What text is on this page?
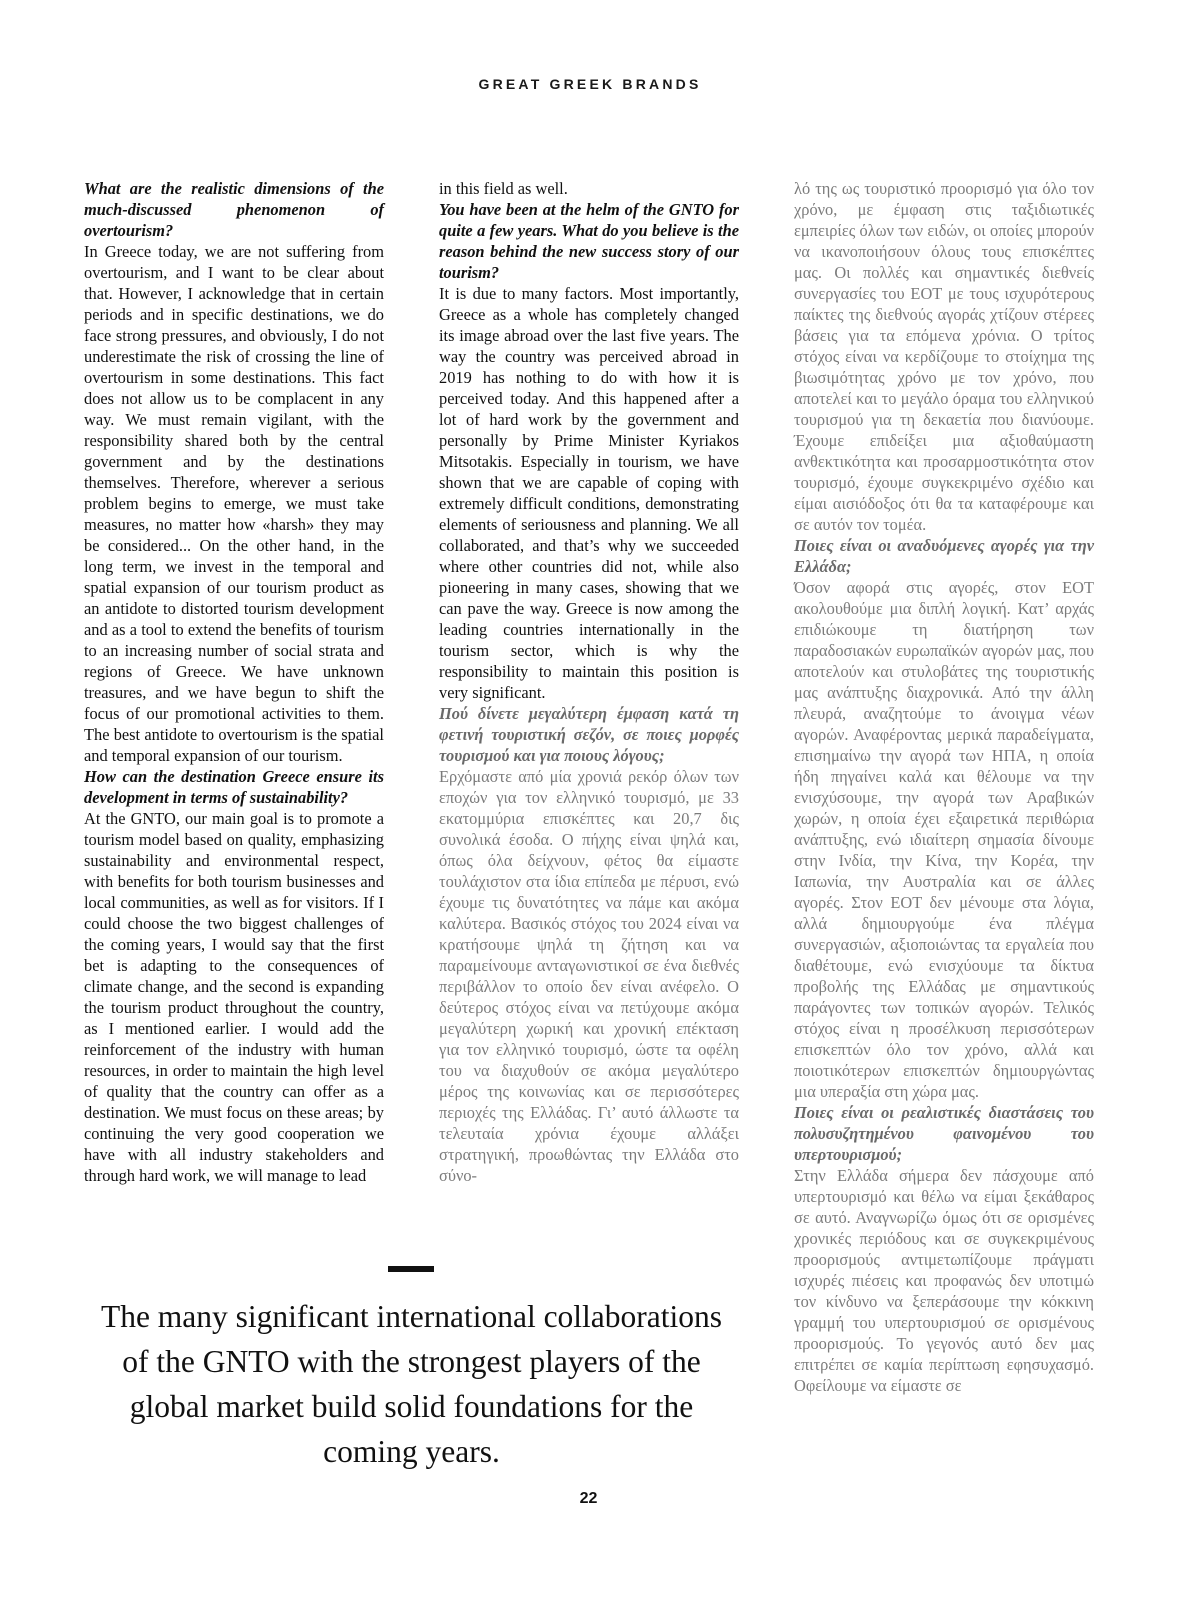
GREAT GREEK BRANDS

What are the realistic dimensions of the much-discussed phenomenon of overtourism?

In Greece today, we are not suffering from overtourism, and I want to be clear about that. However, I acknowledge that in certain periods and in specific destinations, we do face strong pressures, and obviously, I do not underestimate the risk of crossing the line of overtourism in some destinations. This fact does not allow us to be complacent in any way. We must remain vigilant, with the responsibility shared both by the central government and by the destinations themselves. Therefore, wherever a serious problem begins to emerge, we must take measures, no matter how «harsh» they may be considered... On the other hand, in the long term, we invest in the temporal and spatial expansion of our tourism product as an antidote to distorted tourism development and as a tool to extend the benefits of tourism to an increasing number of social strata and regions of Greece. We have unknown treasures, and we have begun to shift the focus of our promotional activities to them. The best antidote to overtourism is the spatial and temporal expansion of our tourism.

How can the destination Greece ensure its development in terms of sustainability?

At the GNTO, our main goal is to promote a tourism model based on quality, emphasizing sustainability and environmental respect, with benefits for both tourism businesses and local communities, as well as for visitors. If I could choose the two biggest challenges of the coming years, I would say that the first bet is adapting to the consequences of climate change, and the second is expanding the tourism product throughout the country, as I mentioned earlier. I would add the reinforcement of the industry with human resources, in order to maintain the high level of quality that the country can offer as a destination. We must focus on these areas; by continuing the very good cooperation we have with all industry stakeholders and through hard work, we will manage to lead

in this field as well.

You have been at the helm of the GNTO for quite a few years. What do you believe is the reason behind the new success story of our tourism?

It is due to many factors. Most importantly, Greece as a whole has completely changed its image abroad over the last five years. The way the country was perceived abroad in 2019 has nothing to do with how it is perceived today. And this happened after a lot of hard work by the government and personally by Prime Minister Kyriakos Mitsotakis. Especially in tourism, we have shown that we are capable of coping with extremely difficult conditions, demonstrating elements of seriousness and planning. We all collaborated, and that’s why we succeeded where other countries did not, while also pioneering in many cases, showing that we can pave the way. Greece is now among the leading countries internationally in the tourism sector, which is why the responsibility to maintain this position is very significant.

Πού δίνετε μεγαλύτερη έμφαση κατά τη φετινή τουριστική σεζόν, σε ποιες μορφές τουρισμού και για ποιους λόγους;

Ερχόμαστε από μία χρονιά ρεκόρ όλων των εποχών για τον ελληνικό τουρισμό, με 33 εκατομμύρια επισκέπτες και 20,7 δις συνολικά έσοδα. Ο πήχης είναι ψηλά και, όπως όλα δείχνουν, φέτος θα είμαστε τουλάχιστον στα ίδια επίπεδα με πέρυσι, ενώ έχουμε τις δυνατότητες να πάμε και ακόμα καλύτερα. Βασικός στόχος του 2024 είναι να κρατήσουμε ψηλά τη ζήτηση και να παραμείνουμε ανταγωνιστικοί σε ένα διεθνές περιβάλλον το οποίο δεν είναι ανέφελο. Ο δεύτερος στόχος είναι να πετύχουμε ακόμα μεγαλύτερη χωρική και χρονική επέκταση για τον ελληνικό τουρισμό, ώστε τα οφέλη του να διαχυθούν σε ακόμα μεγαλύτερο μέρος της κοινωνίας και σε περισσότερες περιοχές της Ελλάδας. Γι’ αυτό άλλωστε τα τελευταία χρόνια έχουμε αλλάξει στρατηγική, προωθώντας την Ελλάδα στο σύνο-

λό της ως τουριστικό προορισμό για όλο τον χρόνο, με έμφαση στις ταξιδιωτικές εμπειρίες όλων των ειδών, οι οποίες μπορούν να ικανοποιήσουν όλους τους επισκέπτες μας. Οι πολλές και σημαντικές διεθνείς συνεργασίες του ΕΟΤ με τους ισχυρότερους παίκτες της διεθνούς αγοράς χτίζουν στέρεες βάσεις για τα επόμενα χρόνια. Ο τρίτος στόχος είναι να κερδίζουμε το στοίχημα της βιωσιμότητας χρόνο με τον χρόνο, που αποτελεί και το μεγάλο όραμα του ελληνικού τουρισμού για τη δεκαετία που διανύουμε. Έχουμε επιδείξει μια αξιοθαύμαστη ανθεκτικότητα και προσαρμοστικότητα στον τουρισμό, έχουμε συγκεκριμένο σχέδιο και είμαι αισιόδοξος ότι θα τα καταφέρουμε και σε αυτόν τον τομέα.

Ποιες είναι οι αναδυόμενες αγορές για την Ελλάδα;

Όσον αφορά στις αγορές, στον ΕΟΤ ακολουθούμε μια διπλή λογική. Κατ’ αρχάς επιδιώκουμε τη διατήρηση των παραδοσιακών ευρωπαϊκών αγορών μας, που αποτελούν και στυλοβάτες της τουριστικής μας ανάπτυξης διαχρονικά. Από την άλλη πλευρά, αναζητούμε το άνοιγμα νέων αγορών. Αναφέροντας μερικά παραδείγματα, επισημαίνω την αγορά των ΗΠΑ, η οποία ήδη πηγαίνει καλά και θέλουμε να την ενισχύσουμε, την αγορά των Αραβικών χωρών, η οποία έχει εξαιρετικά περιθώρια ανάπτυξης, ενώ ιδιαίτερη σημασία δίνουμε στην Ινδία, την Κίνα, την Κορέα, την Ιαπωνία, την Αυστραλία και σε άλλες αγορές. Στον ΕΟΤ δεν μένουμε στα λόγια, αλλά δημιουργούμε ένα πλέγμα συνεργασιών, αξιοποιώντας τα εργαλεία που διαθέτουμε, ενώ ενισχύουμε τα δίκτυα προβολής της Ελλάδας με σημαντικούς παράγοντες των τοπικών αγορών. Τελικός στόχος είναι η προσέλκυση περισσότερων επισκεπτών όλο τον χρόνο, αλλά και ποιοτικότερων επισκεπτών δημιουργώντας μια υπεραξία στη χώρα μας.

Ποιες είναι οι ρεαλιστικές διαστάσεις του πολυσυζητημένου φαινομένου του υπερτουρισμού;

Στην Ελλάδα σήμερα δεν πάσχουμε από υπερτουρισμό και θέλω να είμαι ξεκάθαρος σε αυτό. Αναγνωρίζω όμως ότι σε ορισμένες χρονικές περιόδους και σε συγκεκριμένους προορισμούς αντιμετωπίζουμε πράγματι ισχυρές πιέσεις και προφανώς δεν υποτιμώ τον κίνδυνο να ξεπεράσουμε την κόκκινη γραμμή του υπερτουρισμού σε ορισμένους προορισμούς. Το γεγονός αυτό δεν μας επιτρέπει σε καμία περίπτωση εφησυχασμό. Οφείλουμε να είμαστε σε

The many significant international collaborations of the GNTO with the strongest players of the global market build solid foundations for the coming years.
22
